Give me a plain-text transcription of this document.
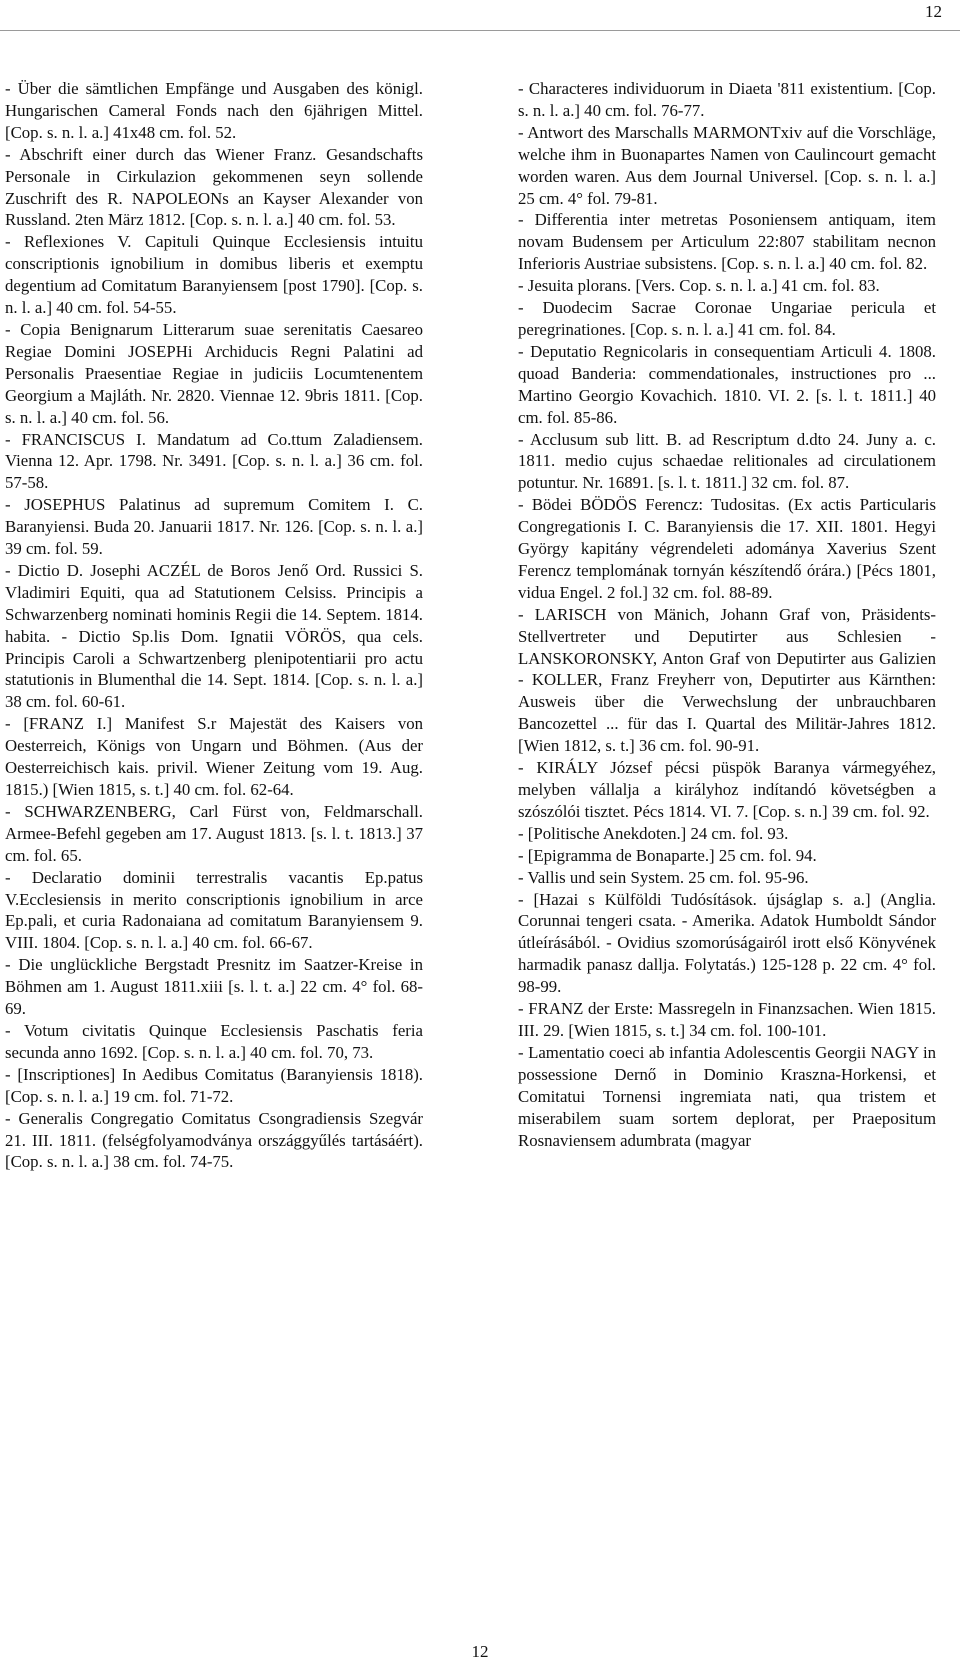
12

- Über die sämtlichen Empfänge und Ausgaben des königl. Hungarischen Cameral Fonds nach den 6jährigen Mittel. [Cop. s. n. l. a.] 41x48 cm. fol. 52.

- Abschrift einer durch das Wiener Franz. Gesandschafts Personale in Cirkulazion gekommenen seyn sollende Zuschrift des R. NAPOLEONs an Kayser Alexander von Russland. 2ten März 1812. [Cop. s. n. l. a.] 40 cm. fol. 53.

- Reflexiones V. Capituli Quinque Ecclesiensis intuitu conscriptionis ignobilium in domibus liberis et exemptu degentium ad Comitatum Baranyiensem [post 1790]. [Cop. s. n. l. a.] 40 cm. fol. 54-55.

- Copia Benignarum Litterarum suae serenitatis Caesareo Regiae Domini JOSEPHi Archiducis Regni Palatini ad Personalis Praesentiae Regiae in judiciis Locumtenentem Georgium a Majláth. Nr. 2820. Viennae 12. 9bris 1811. [Cop. s. n. l. a.] 40 cm. fol. 56.

- FRANCISCUS I. Mandatum ad Co.ttum Zaladiensem. Vienna 12. Apr. 1798. Nr. 3491. [Cop. s. n. l. a.] 36 cm. fol. 57-58.

- JOSEPHUS Palatinus ad supremum Comitem I. C. Baranyiensi. Buda 20. Januarii 1817. Nr. 126. [Cop. s. n. l. a.] 39 cm. fol. 59.

- Dictio D. Josephi ACZÉL de Boros Jenő Ord. Russici S. Vladimiri Equiti, qua ad Statutionem Celsiss. Principis a Schwarzenberg nominati hominis Regii die 14. Septem. 1814. habita. - Dictio Sp.lis Dom. Ignatii VÖRÖS, qua cels. Principis Caroli a Schwartzenberg plenipotentiarii pro actu statutionis in Blumenthal die 14. Sept. 1814. [Cop. s. n. l. a.] 38 cm. fol. 60-61.

- [FRANZ I.] Manifest S.r Majestät des Kaisers von Oesterreich, Königs von Ungarn und Böhmen. (Aus der Oesterreichisch kais. privil. Wiener Zeitung vom 19. Aug. 1815.) [Wien 1815, s. t.] 40 cm. fol. 62-64.

- SCHWARZENBERG, Carl Fürst von, Feldmarschall. Armee-Befehl gegeben am 17. August 1813. [s. l. t. 1813.] 37 cm. fol. 65.

- Declaratio dominii terrestralis vacantis Ep.patus V.Ecclesiensis in merito conscriptionis ignobilium in arce Ep.pali, et curia Radonaiana ad comitatum Baranyiensem 9. VIII. 1804. [Cop. s. n. l. a.] 40 cm. fol. 66-67.

- Die unglückliche Bergstadt Presnitz im Saatzer-Kreise in Böhmen am 1. August 1811.xiii [s. l. t. a.] 22 cm. 4° fol. 68-69.

- Votum civitatis Quinque Ecclesiensis Paschatis feria secunda anno 1692. [Cop. s. n. l. a.] 40 cm. fol. 70, 73.

- [Inscriptiones] In Aedibus Comitatus (Baranyiensis 1818). [Cop. s. n. l. a.] 19 cm. fol. 71-72.

- Generalis Congregatio Comitatus Csongradiensis Szegvár 21. III. 1811. (felségfolyamodványa országgyűlés tartásáért). [Cop. s. n. l. a.] 38 cm. fol. 74-75.

- Characteres individuorum in Diaeta '811 existentium. [Cop. s. n. l. a.] 40 cm. fol. 76-77.

- Antwort des Marschalls MARMONTxiv auf die Vorschläge, welche ihm in Buonapartes Namen von Caulincourt gemacht worden waren. Aus dem Journal Universel. [Cop. s. n. l. a.] 25 cm. 4° fol. 79-81.

- Differentia inter metretas Posoniensem antiquam, item novam Budensem per Articulum 22:807 stabilitam necnon Inferioris Austriae subsistens. [Cop. s. n. l. a.] 40 cm. fol. 82.

- Jesuita plorans. [Vers. Cop. s. n. l. a.] 41 cm. fol. 83.

- Duodecim Sacrae Coronae Ungariae pericula et peregrinationes. [Cop. s. n. l. a.] 41 cm. fol. 84.

- Deputatio Regnicolaris in consequentiam Articuli 4. 1808. quoad Banderia: commendationales, instructiones pro ... Martino Georgio Kovachich. 1810. VI. 2. [s. l. t. 1811.] 40 cm. fol. 85-86.

- Acclusum sub litt. B. ad Rescriptum d.dto 24. Juny a. c. 1811. medio cujus schaedae relitionales ad circulationem potuntur. Nr. 16891. [s. l. t. 1811.] 32 cm. fol. 87.

- Bödei BÖDÖS Ferencz: Tudositas. (Ex actis Particularis Congregationis I. C. Baranyiensis die 17. XII. 1801. Hegyi György kapitány végrendeleti adománya Xaverius Szent Ferencz templomának tornyán készítendő órára.) [Pécs 1801, vidua Engel. 2 fol.] 32 cm. fol. 88-89.

- LARISCH von Mänich, Johann Graf von, Präsidents-Stellvertreter und Deputirter aus Schlesien - LANSKORONSKY, Anton Graf von Deputirter aus Galizien - KOLLER, Franz Freyherr von, Deputirter aus Kärnthen: Ausweis über die Verwechslung der unbrauchbaren Bancozettel ... für das I. Quartal des Militär-Jahres 1812. [Wien 1812, s. t.] 36 cm. fol. 90-91.

- KIRÁLY József pécsi püspök Baranya vármegyéhez, melyben vállalja a királyhoz indítandó követségben a szószólói tisztet. Pécs 1814. VI. 7. [Cop. s. n.] 39 cm. fol. 92.

- [Politische Anekdoten.] 24 cm. fol. 93.

- [Epigramma de Bonaparte.] 25 cm. fol. 94.

- Vallis und sein System. 25 cm. fol. 95-96.

- [Hazai s Külföldi Tudósítások. újságlap s. a.] (Anglia. Corunnai tengeri csata. - Amerika. Adatok Humboldt Sándor útleírásából. - Ovidius szomorúságairól irott első Könyvének harmadik panasz dallja. Folytatás.) 125-128 p. 22 cm. 4° fol. 98-99.

- FRANZ der Erste: Massregeln in Finanzsachen. Wien 1815. III. 29. [Wien 1815, s. t.] 34 cm. fol. 100-101.

- Lamentatio coeci ab infantia Adolescentis Georgii NAGY in possessione Dernő in Dominio Kraszna-Horkensi, et Comitatui Tornensi ingremiata nati, qua tristem et miserabilem suam sortem deplorat, per Praepositum Rosnaviensem adumbrata (magyar

12
